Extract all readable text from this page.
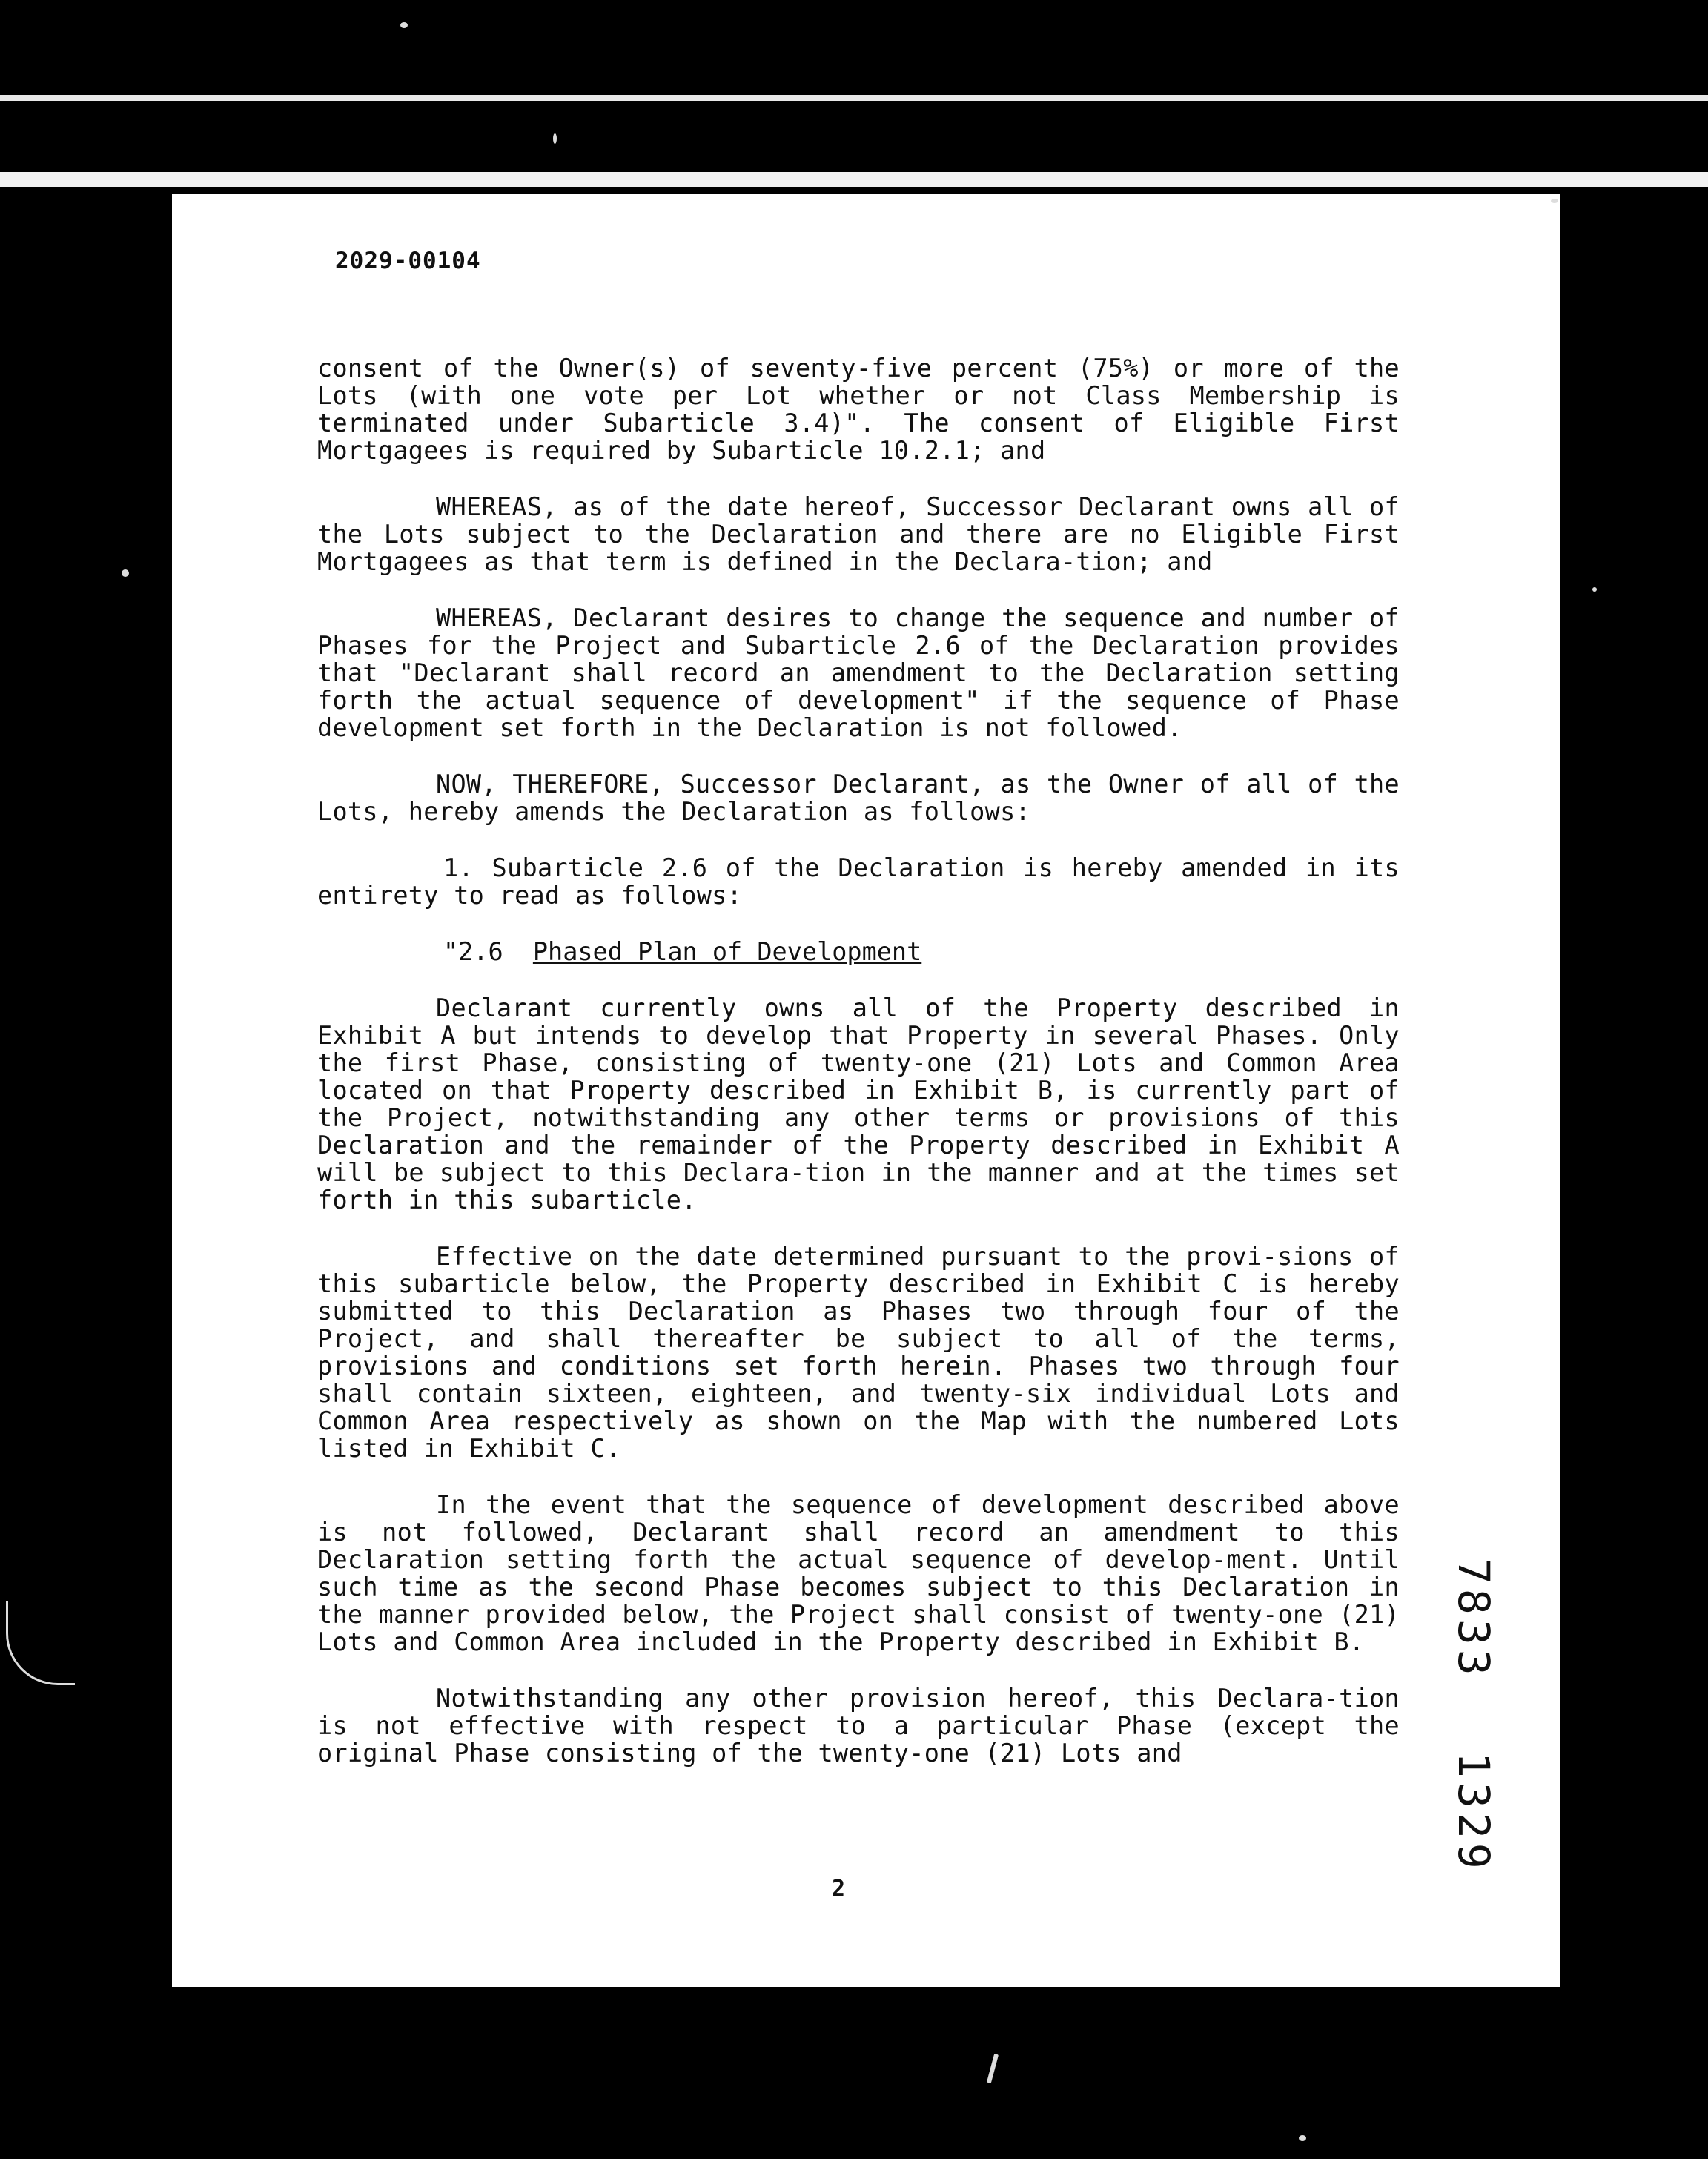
2029-00104

consent of the Owner(s) of seventy-five percent (75%) or more of the Lots (with one vote per Lot whether or not Class Membership is terminated under Subarticle 3.4)". The consent of Eligible First Mortgagees is required by Subarticle 10.2.1; and

WHEREAS, as of the date hereof, Successor Declarant owns all of the Lots subject to the Declaration and there are no Eligible First Mortgagees as that term is defined in the Declara-tion; and

WHEREAS, Declarant desires to change the sequence and number of Phases for the Project and Subarticle 2.6 of the Declaration provides that "Declarant shall record an amendment to the Declaration setting forth the actual sequence of development" if the sequence of Phase development set forth in the Declaration is not followed.

NOW, THEREFORE, Successor Declarant, as the Owner of all of the Lots, hereby amends the Declaration as follows:

1. Subarticle 2.6 of the Declaration is hereby amended in its entirety to read as follows:

"2.6 Phased Plan of Development

Declarant currently owns all of the Property described in Exhibit A but intends to develop that Property in several Phases. Only the first Phase, consisting of twenty-one (21) Lots and Common Area located on that Property described in Exhibit B, is currently part of the Project, notwithstanding any other terms or provisions of this Declaration and the remainder of the Property described in Exhibit A will be subject to this Declara-tion in the manner and at the times set forth in this subarticle.

Effective on the date determined pursuant to the provi-sions of this subarticle below, the Property described in Exhibit C is hereby submitted to this Declaration as Phases two through four of the Project, and shall thereafter be subject to all of the terms, provisions and conditions set forth herein. Phases two through four shall contain sixteen, eighteen, and twenty-six individual Lots and Common Area respectively as shown on the Map with the numbered Lots listed in Exhibit C.

In the event that the sequence of development described above is not followed, Declarant shall record an amendment to this Declaration setting forth the actual sequence of develop-ment. Until such time as the second Phase becomes subject to this Declaration in the manner provided below, the Project shall consist of twenty-one (21) Lots and Common Area included in the Property described in Exhibit B.

Notwithstanding any other provision hereof, this Declara-tion is not effective with respect to a particular Phase (except the original Phase consisting of the twenty-one (21) Lots and

7833 1329
2
